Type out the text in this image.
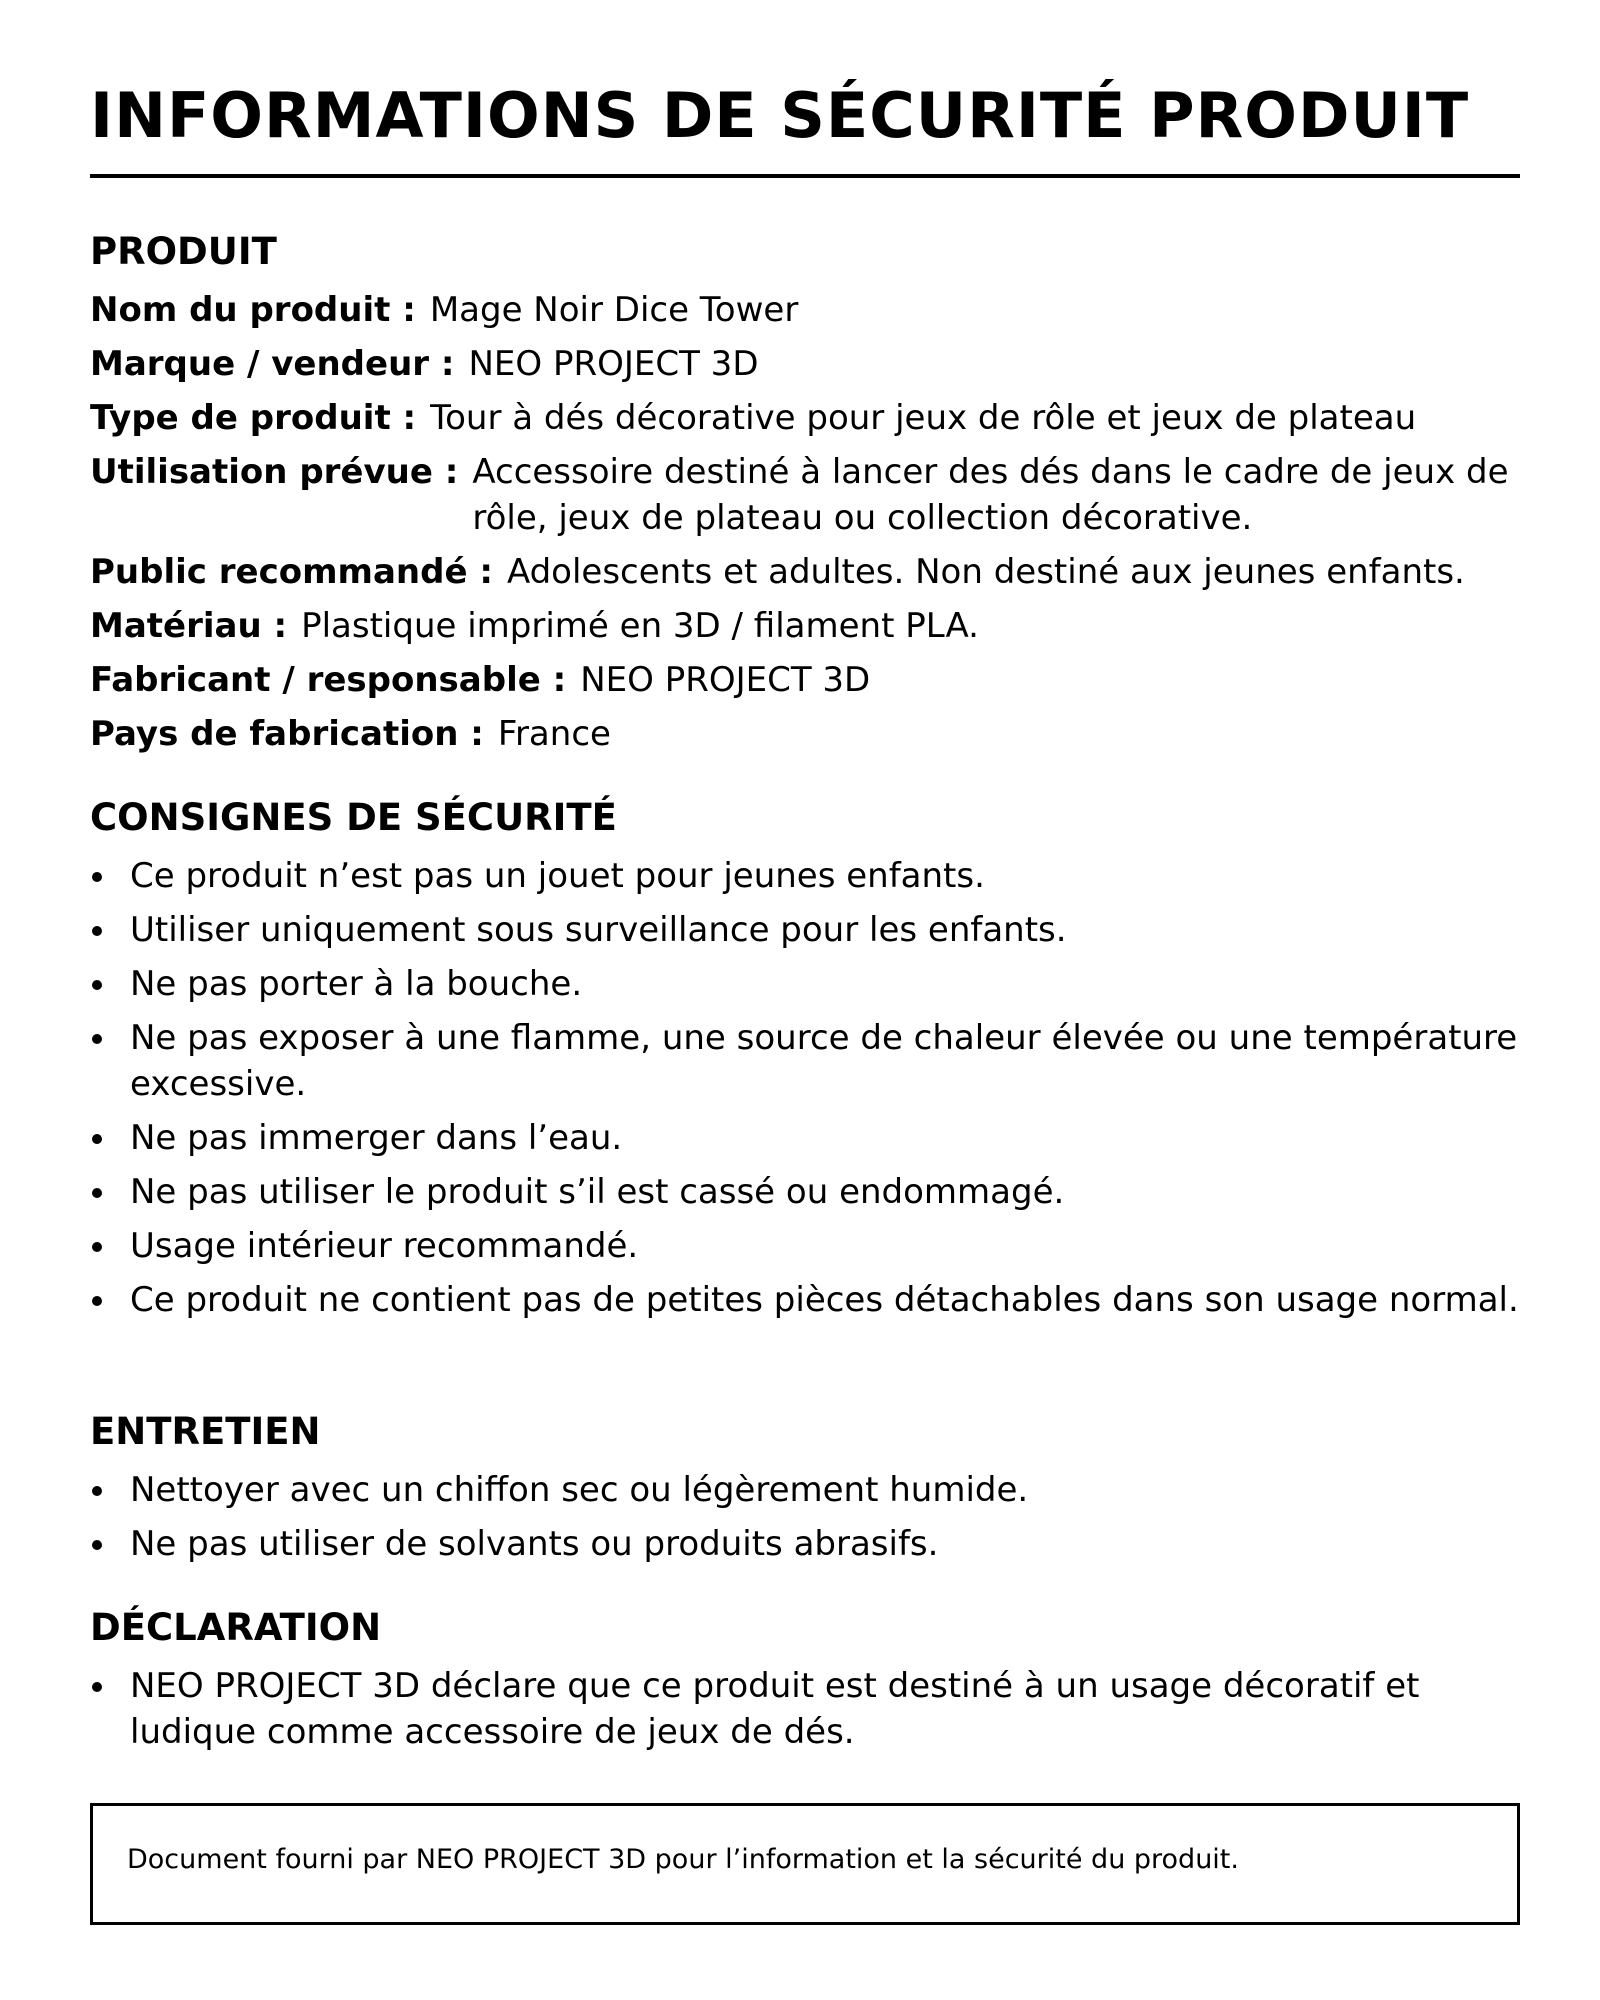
INFORMATIONS DE SÉCURITÉ PRODUIT
PRODUIT
Nom du produit : Mage Noir Dice Tower
Marque / vendeur : NEO PROJECT 3D
Type de produit : Tour à dés décorative pour jeux de rôle et jeux de plateau
Utilisation prévue : Accessoire destiné à lancer des dés dans le cadre de jeux de rôle, jeux de plateau ou collection décorative.
Public recommandé : Adolescents et adultes. Non destiné aux jeunes enfants.
Matériau : Plastique imprimé en 3D / filament PLA.
Fabricant / responsable : NEO PROJECT 3D
Pays de fabrication : France
CONSIGNES DE SÉCURITÉ
Ce produit n’est pas un jouet pour jeunes enfants.
Utiliser uniquement sous surveillance pour les enfants.
Ne pas porter à la bouche.
Ne pas exposer à une flamme, une source de chaleur élevée ou une température excessive.
Ne pas immerger dans l’eau.
Ne pas utiliser le produit s’il est cassé ou endommagé.
Usage intérieur recommandé.
Ce produit ne contient pas de petites pièces détachables dans son usage normal.
ENTRETIEN
Nettoyer avec un chiffon sec ou légèrement humide.
Ne pas utiliser de solvants ou produits abrasifs.
DÉCLARATION
NEO PROJECT 3D déclare que ce produit est destiné à un usage décoratif et ludique comme accessoire de jeux de dés.
Document fourni par NEO PROJECT 3D pour l’information et la sécurité du produit.
